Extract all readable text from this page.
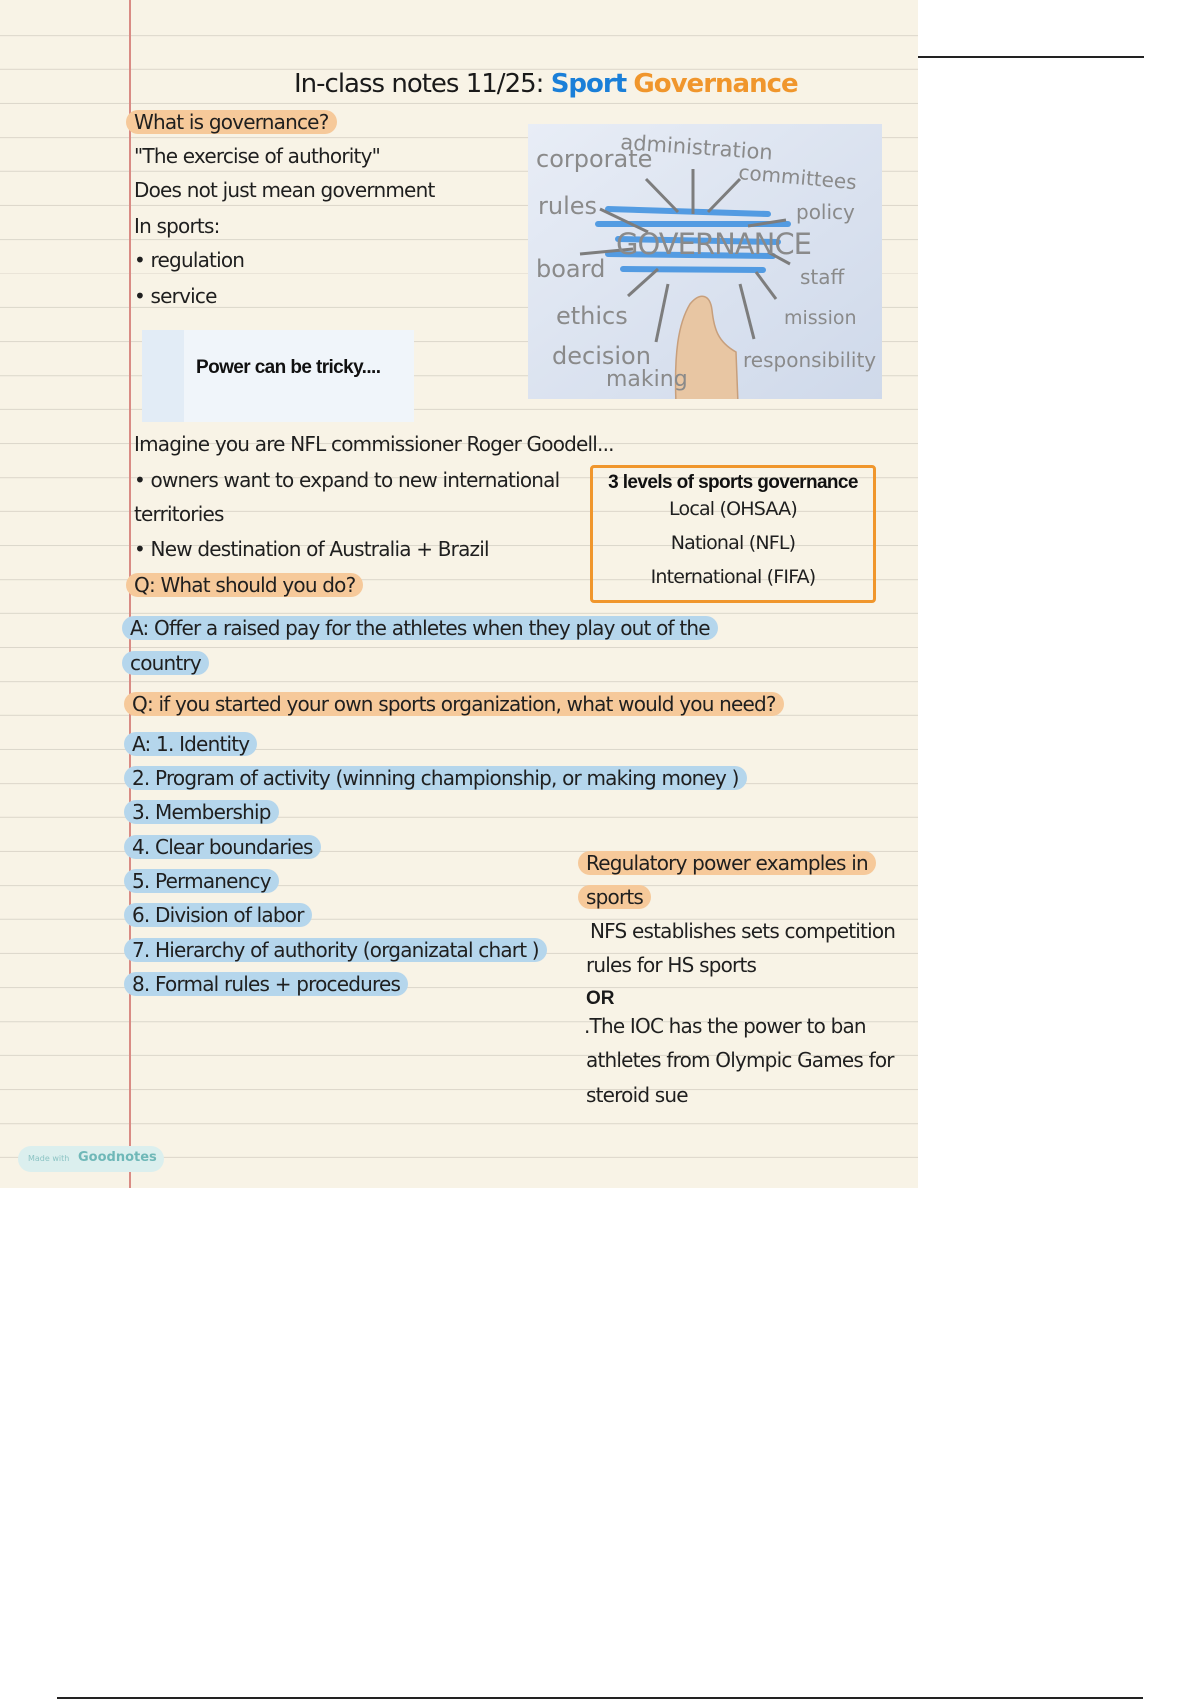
In-class notes 11/25: Sport Governance
What is governance?
"The exercise of authority"
Does not just mean government
In sports:
• regulation
• service
administration
corporate
committees
rules	policy
board	staff
ethics	mission
decision
making
responsibility
GOVERNANCE
Power can be tricky....
Imagine you are NFL commissioner Roger Goodell...
• owners want to expand to new international
territories
• New destination of Australia + Brazil
Q: What should you do?
A: Offer a raised pay for the athletes when they play out of the
country
3 levels of sports governance
Local (OHSAA)
National (NFL)
International (FIFA)
Q: if you started your own sports organization, what would you need?
A: 1. Identity
2. Program of activity (winning championship, or making money )
3. Membership
4. Clear boundaries
5. Permanency
6. Division of labor
7. Hierarchy of authority (organizatal chart )
8. Formal rules + procedures
Regulatory power examples in
sports
NFS establishes sets competition
rules for HS sports
OR
.The IOC has the power to ban
athletes from Olympic Games for
steroid sue
Made with Goodnotes
